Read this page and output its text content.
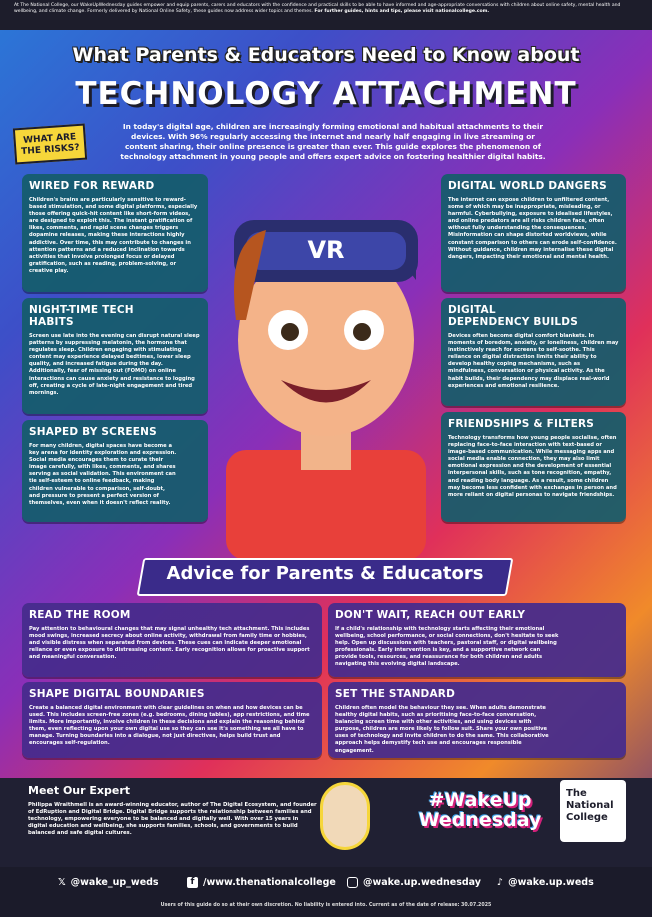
At The National College, our WakeUpWednesday guides empower and equip parents, carers and educators with the confidence and practical skills to be able to have informed and age-appropriate conversations with children about online safety, mental health and wellbeing, and climate change. Formerly delivered by National Online Safety, these guides now address wider topics and themes. For further guides, hints and tips, please visit nationalcollege.com.
What Parents & Educators Need to Know about
TECHNOLOGY ATTACHMENT
WHAT ARE THE RISKS?
In today's digital age, children are increasingly forming emotional and habitual attachments to their devices. With 96% regularly accessing the internet and nearly half engaging in live streaming or content sharing, their online presence is greater than ever. This guide explores the phenomenon of technology attachment in young people and offers expert advice on fostering healthier digital habits.
VR
WIRED FOR REWARD

Children's brains are particularly sensitive to reward-based stimulation, and some digital platforms, especially those offering quick-hit content like short-form videos, are designed to exploit this. The instant gratification of likes, comments, and rapid scene changes triggers dopamine releases, making these interactions highly addictive. Over time, this may contribute to changes in attention patterns and a reduced inclination towards activities that involve prolonged focus or delayed gratification, such as reading, problem-solving, or creative play.

NIGHT-TIME TECH HABITS

Screen use late into the evening can disrupt natural sleep patterns by suppressing melatonin, the hormone that regulates sleep. Children engaging with stimulating content may experience delayed bedtimes, lower sleep quality, and increased fatigue during the day. Additionally, fear of missing out (FOMO) on online interactions can cause anxiety and resistance to logging off, creating a cycle of late-night engagement and tired mornings.

SHAPED BY SCREENS

For many children, digital spaces have become a key arena for identity exploration and expression. Social media encourages them to curate their image carefully, with likes, comments, and shares serving as social validation. This environment can tie self-esteem to online feedback, making children vulnerable to comparison, self-doubt, and pressure to present a perfect version of themselves, even when it doesn't reflect reality.

DIGITAL WORLD DANGERS

The internet can expose children to unfiltered content, some of which may be inappropriate, misleading, or harmful. Cyberbullying, exposure to idealised lifestyles, and online predators are all risks children face, often without fully understanding the consequences. Misinformation can shape distorted worldviews, while constant comparison to others can erode self-confidence. Without guidance, children may internalise these digital dangers, impacting their emotional and mental health.

DIGITAL DEPENDENCY BUILDS

Devices often become digital comfort blankets. In moments of boredom, anxiety, or loneliness, children may instinctively reach for screens to self-soothe. This reliance on digital distraction limits their ability to develop healthy coping mechanisms, such as mindfulness, conversation or physical activity. As the habit builds, their dependency may displace real-world experiences and emotional resilience.

FRIENDSHIPS & FILTERS

Technology transforms how young people socialise, often replacing face-to-face interaction with text-based or image-based communication. While messaging apps and social media enable connection, they may also limit emotional expression and the development of essential interpersonal skills, such as tone recognition, empathy, and reading body language. As a result, some children may become less confident with exchanges in person and more reliant on digital personas to navigate friendships.

Advice for Parents & Educators
READ THE ROOM

Pay attention to behavioural changes that may signal unhealthy tech attachment. This includes mood swings, increased secrecy about online activity, withdrawal from family time or hobbies, and visible distress when separated from devices. These cues can indicate deeper emotional reliance or even exposure to distressing content. Early recognition allows for proactive support and meaningful conversation.

DON'T WAIT, REACH OUT EARLY

If a child's relationship with technology starts affecting their emotional wellbeing, school performance, or social connections, don't hesitate to seek help. Open up discussions with teachers, pastoral staff, or digital wellbeing professionals. Early intervention is key, and a supportive network can provide tools, resources, and reassurance for both children and adults navigating this evolving digital landscape.

SHAPE DIGITAL BOUNDARIES

Create a balanced digital environment with clear guidelines on when and how devices can be used. This includes screen-free zones (e.g. bedrooms, dining tables), app restrictions, and time limits. More importantly, involve children in these decisions and explain the reasoning behind them, even reflecting upon your own digital use so they can see it's something we all have to manage. Turning boundaries into a dialogue, not just directives, helps build trust and encourages self-regulation.

SET THE STANDARD

Children often model the behaviour they see. When adults demonstrate healthy digital habits, such as prioritising face-to-face conversation, balancing screen time with other activities, and using devices with purpose, children are more likely to follow suit. Share your own positive uses of technology and invite children to do the same. This collaborative approach helps demystify tech use and encourages responsible engagement.

Meet Our Expert

Philippa Wraithmell is an award-winning educator, author of The Digital Ecosystem, and founder of EdRuption and Digital Bridge. Digital Bridge supports the relationship between families and technology, empowering everyone to be balanced and digitally well. With over 15 years in digital education and wellbeing, she supports families, schools, and governments to build balanced and safe digital cultures.

#WakeUp Wednesday
The
National
College
𝕏 @wake_up_weds	f /www.thenationalcollege	@wake.up.wednesday ♪ @wake.up.weds
Users of this guide do so at their own discretion. No liability is entered into. Current as of the date of release: 30.07.2025
